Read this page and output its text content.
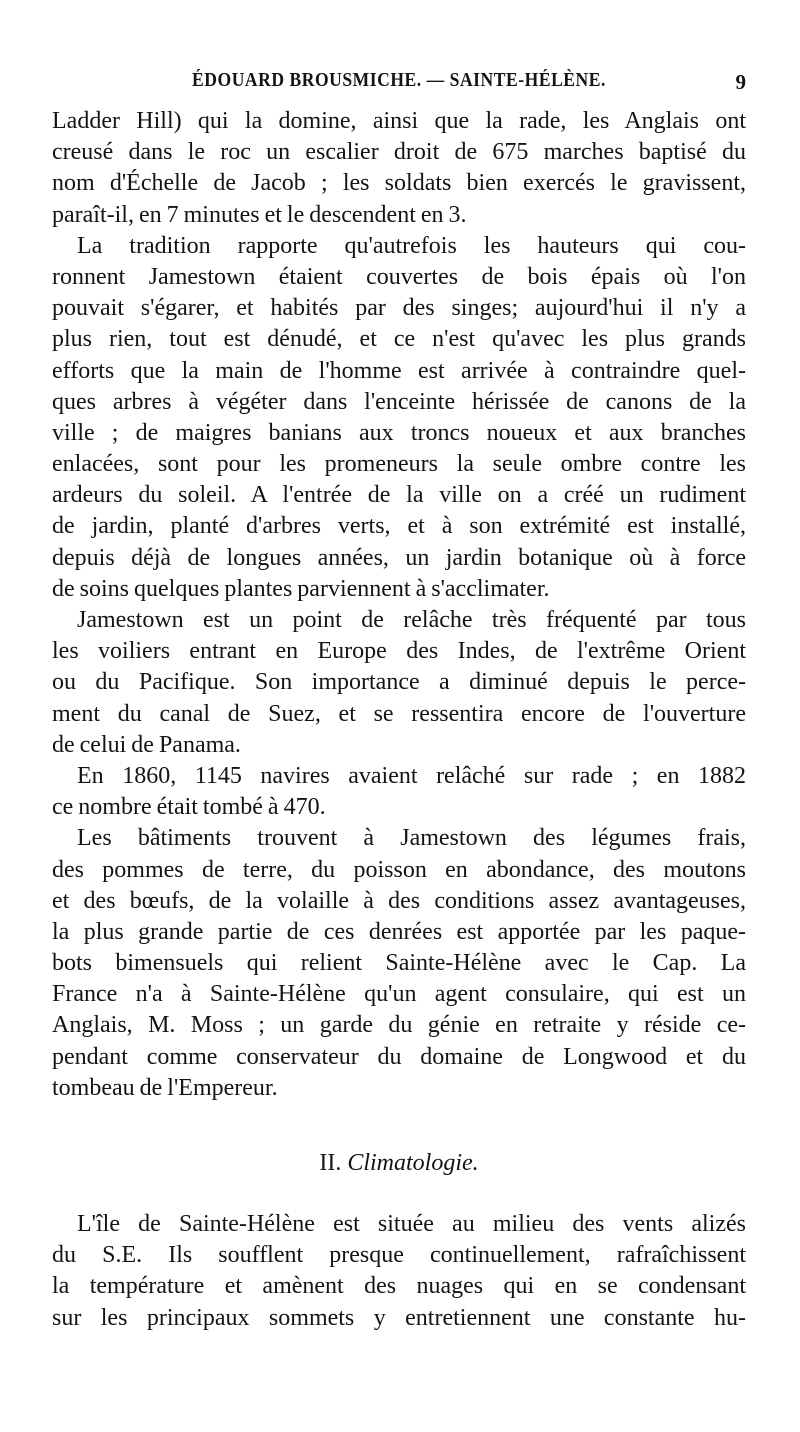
ÉDOUARD BROUSMICHE. — SAINTE-HÉLÈNE.	9
Ladder Hill) qui la domine, ainsi que la rade, les Anglais ont
creusé dans le roc un escalier droit de 675 marches baptisé du
nom d'Échelle de Jacob ; les soldats bien exercés le gravissent,
paraît-il, en 7 minutes et le descendent en 3.
La tradition rapporte qu'autrefois les hauteurs qui cou-
ronnent Jamestown étaient couvertes de bois épais où l'on
pouvait s'égarer, et habités par des singes; aujourd'hui il n'y a
plus rien, tout est dénudé, et ce n'est qu'avec les plus grands
efforts que la main de l'homme est arrivée à contraindre quel-
ques arbres à végéter dans l'enceinte hérissée de canons de la
ville ; de maigres banians aux troncs noueux et aux branches
enlacées, sont pour les promeneurs la seule ombre contre les
ardeurs du soleil. A l'entrée de la ville on a créé un rudiment
de jardin, planté d'arbres verts, et à son extrémité est installé,
depuis déjà de longues années, un jardin botanique où à force
de soins quelques plantes parviennent à s'acclimater.
Jamestown est un point de relâche très fréquenté par tous
les voiliers entrant en Europe des Indes, de l'extrême Orient
ou du Pacifique. Son importance a diminué depuis le perce-
ment du canal de Suez, et se ressentira encore de l'ouverture
de celui de Panama.
En 1860, 1145 navires avaient relâché sur rade ; en 1882
ce nombre était tombé à 470.
Les bâtiments trouvent à Jamestown des légumes frais,
des pommes de terre, du poisson en abondance, des moutons
et des bœufs, de la volaille à des conditions assez avantageuses,
la plus grande partie de ces denrées est apportée par les paque-
bots bimensuels qui relient Sainte-Hélène avec le Cap. La
France n'a à Sainte-Hélène qu'un agent consulaire, qui est un
Anglais, M. Moss ; un garde du génie en retraite y réside ce-
pendant comme conservateur du domaine de Longwood et du
tombeau de l'Empereur.
II. Climatologie.
L'île de Sainte-Hélène est située au milieu des vents alizés
du S.E. Ils soufflent presque continuellement, rafraîchissent
la température et amènent des nuages qui en se condensant
sur les principaux sommets y entretiennent une constante hu-
